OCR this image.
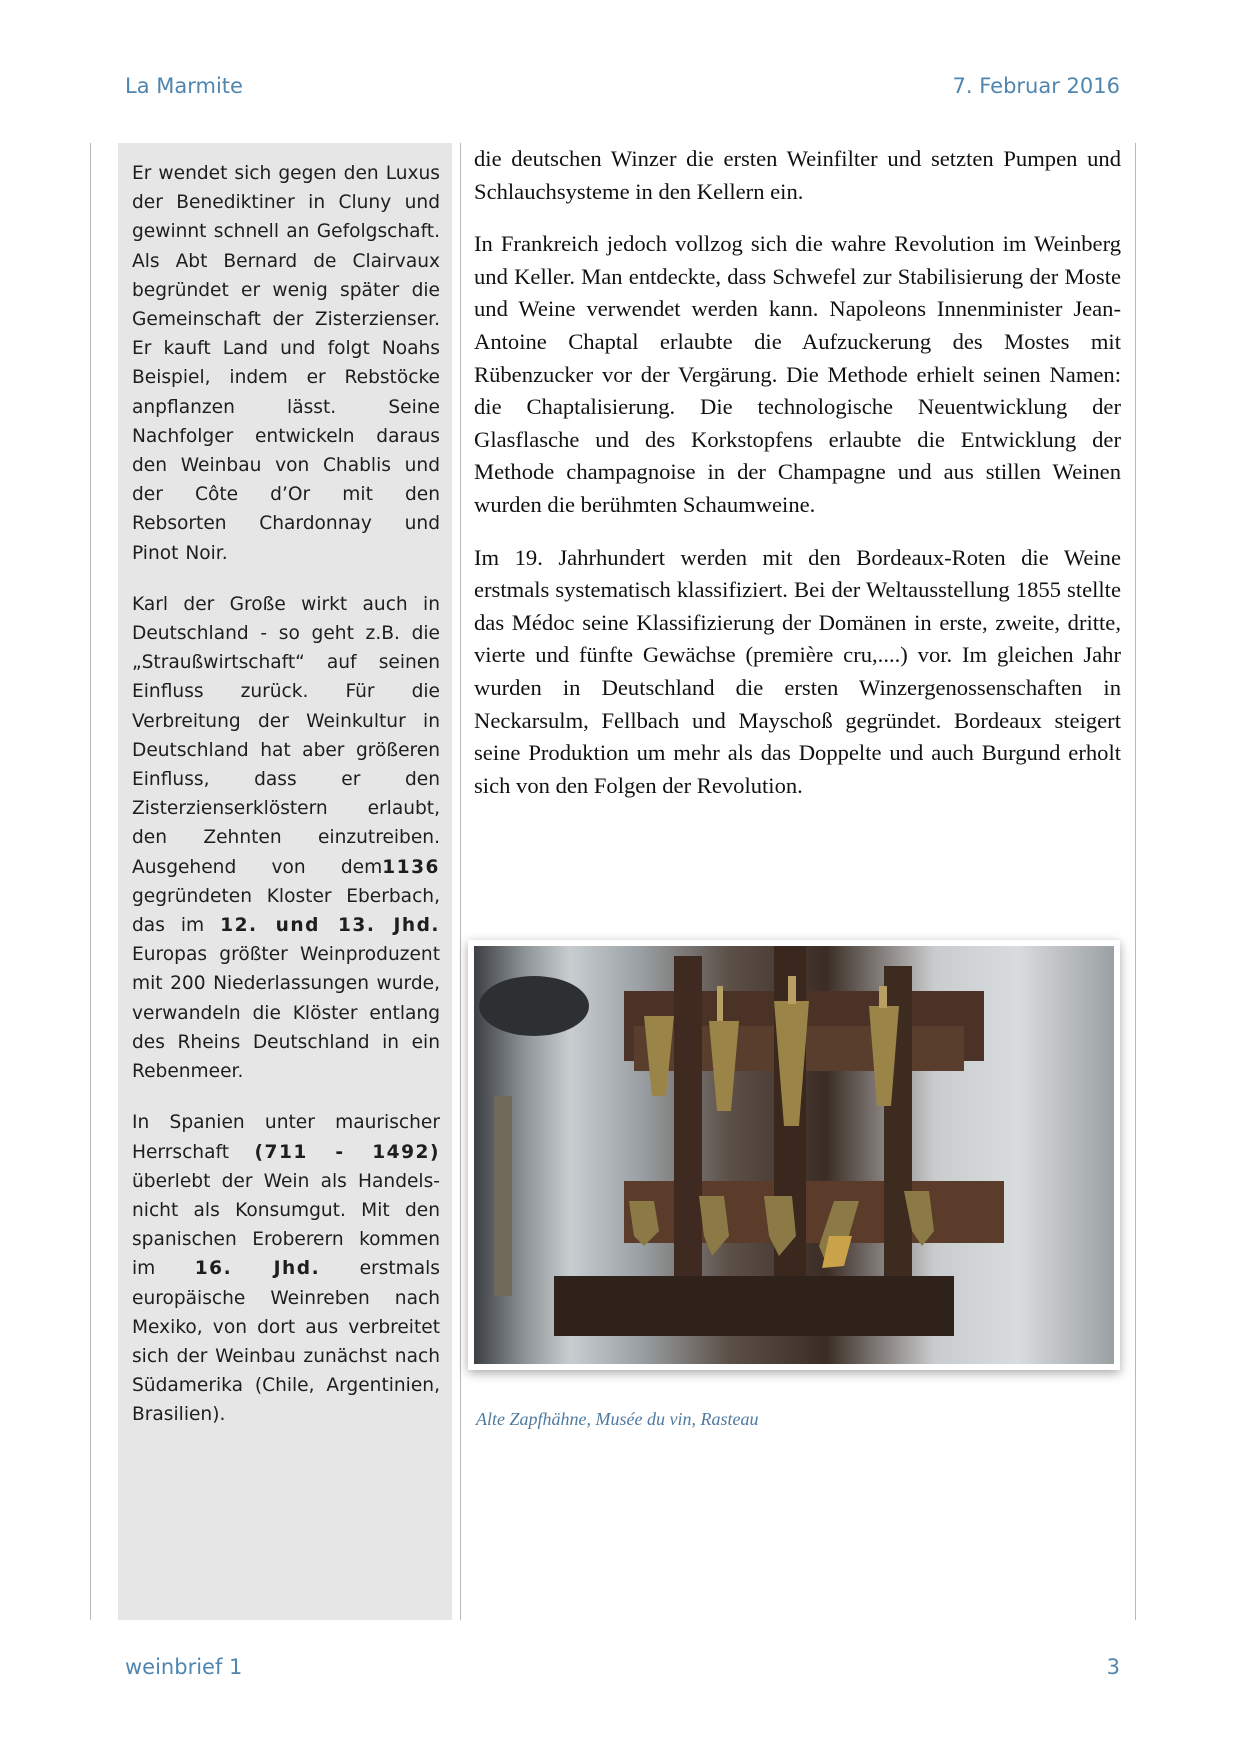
La Marmite	7. Februar 2016

Er wendet sich gegen den Luxus der Benediktiner in Cluny und gewinnt schnell an Gefolgschaft. Als Abt Bernard de Clairvaux begründet er wenig später die Gemeinschaft der Zisterzienser. Er kauft Land und folgt Noahs Beispiel, indem er Rebstöcke anpflanzen lässt. Seine Nachfolger entwickeln daraus den Weinbau von Chablis und der Côte d’Or mit den Rebsorten Chardonnay und Pinot Noir.

Karl der Große wirkt auch in Deutschland - so geht z.B. die „Straußwirtschaft“ auf seinen Einfluss zurück. Für die Verbreitung der Weinkultur in Deutschland hat aber größeren Einfluss, dass er den Zisterzienserklöstern erlaubt, den Zehnten einzutreiben. Ausgehend von dem1136 gegründeten Kloster Eberbach, das im 12. und 13. Jhd. Europas größter Weinproduzent mit 200 Niederlassungen wurde, verwandeln die Klöster entlang des Rheins Deutschland in ein Rebenmeer.

In Spanien unter maurischer Herrschaft (711 - 1492) überlebt der Wein als Handels- nicht als Konsumgut. Mit den spanischen Eroberern kommen im 16. Jhd. erstmals europäische Weinreben nach Mexiko, von dort aus verbreitet sich der Weinbau zunächst nach Südamerika (Chile, Argentinien, Brasilien).

die deutschen Winzer die ersten Weinfilter und setzten Pumpen und Schlauchsysteme in den Kellern ein.

In Frankreich jedoch vollzog sich die wahre Revolution im Weinberg und Keller. Man entdeckte, dass Schwefel zur Stabilisierung der Moste und Weine verwendet werden kann. Napoleons Innenminister Jean-Antoine Chaptal erlaubte die Aufzuckerung des Mostes mit Rübenzucker vor der Vergärung. Die Methode erhielt seinen Namen: die Chaptalisierung. Die technologische Neuentwicklung der Glasflasche und des Korkstopfens erlaubte die Entwicklung der Methode champagnoise in der Champagne und aus stillen Weinen wurden die berühmten Schaumweine.

Im 19. Jahrhundert werden mit den Bordeaux-Roten die Weine erstmals systematisch klassifiziert. Bei der Weltausstellung 1855 stellte das Médoc seine Klassifizierung der Domänen in erste, zweite, dritte, vierte und fünfte Gewächse (première cru,....) vor. Im gleichen Jahr wurden in Deutschland die ersten Winzergenossenschaften in Neckarsulm, Fellbach und Mayschoß gegründet. Bordeaux steigert seine Produktion um mehr als das Doppelte und auch Burgund erholt sich von den Folgen der Revolution.

Alte Zapfhähne, Musée du vin, Rasteau
weinbrief 1	3
